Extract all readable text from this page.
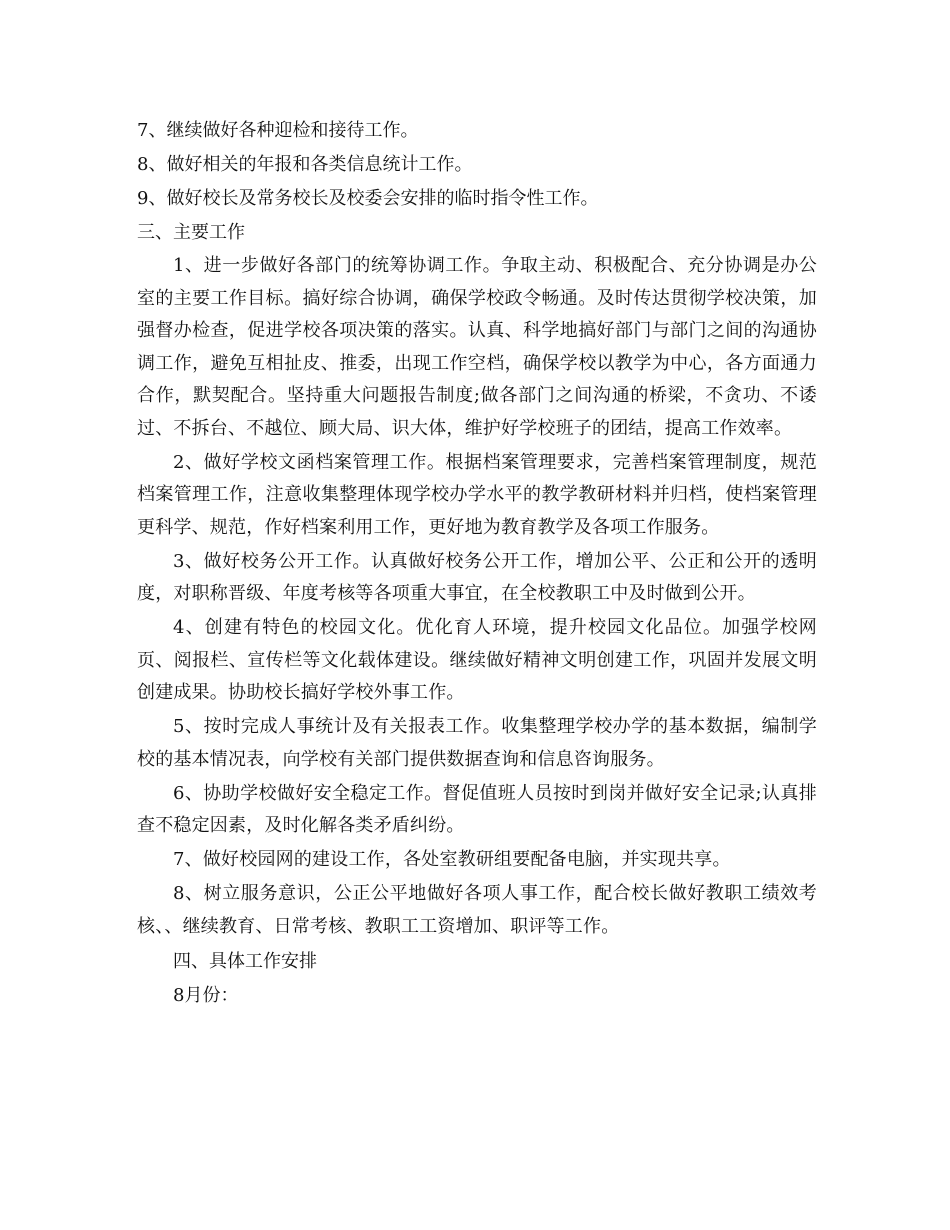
7、继续做好各种迎检和接待工作。

8、做好相关的年报和各类信息统计工作。

9、做好校长及常务校长及校委会安排的临时指令性工作。

三、主要工作

1、进一步做好各部门的统筹协调工作。争取主动、积极配合、充分协调是办公室的主要工作目标。搞好综合协调，确保学校政令畅通。及时传达贯彻学校决策，加强督办检查，促进学校各项决策的落实。认真、科学地搞好部门与部门之间的沟通协调工作，避免互相扯皮、推委，出现工作空档，确保学校以教学为中心，各方面通力合作，默契配合。坚持重大问题报告制度;做各部门之间沟通的桥梁，不贪功、不诿过、不拆台、不越位、顾大局、识大体，维护好学校班子的团结，提高工作效率。

2、做好学校文函档案管理工作。根据档案管理要求，完善档案管理制度，规范档案管理工作，注意收集整理体现学校办学水平的教学教研材料并归档，使档案管理更科学、规范，作好档案利用工作，更好地为教育教学及各项工作服务。

3、做好校务公开工作。认真做好校务公开工作，增加公平、公正和公开的透明度，对职称晋级、年度考核等各项重大事宜，在全校教职工中及时做到公开。

4、创建有特色的校园文化。优化育人环境，提升校园文化品位。加强学校网页、阅报栏、宣传栏等文化载体建设。继续做好精神文明创建工作，巩固并发展文明创建成果。协助校长搞好学校外事工作。

5、按时完成人事统计及有关报表工作。收集整理学校办学的基本数据，编制学校的基本情况表，向学校有关部门提供数据查询和信息咨询服务。

6、协助学校做好安全稳定工作。督促值班人员按时到岗并做好安全记录;认真排查不稳定因素，及时化解各类矛盾纠纷。

7、做好校园网的建设工作，各处室教研组要配备电脑，并实现共享。

8、树立服务意识，公正公平地做好各项人事工作，配合校长做好教职工绩效考核、、继续教育、日常考核、教职工工资增加、职评等工作。

四、具体工作安排

8月份：
